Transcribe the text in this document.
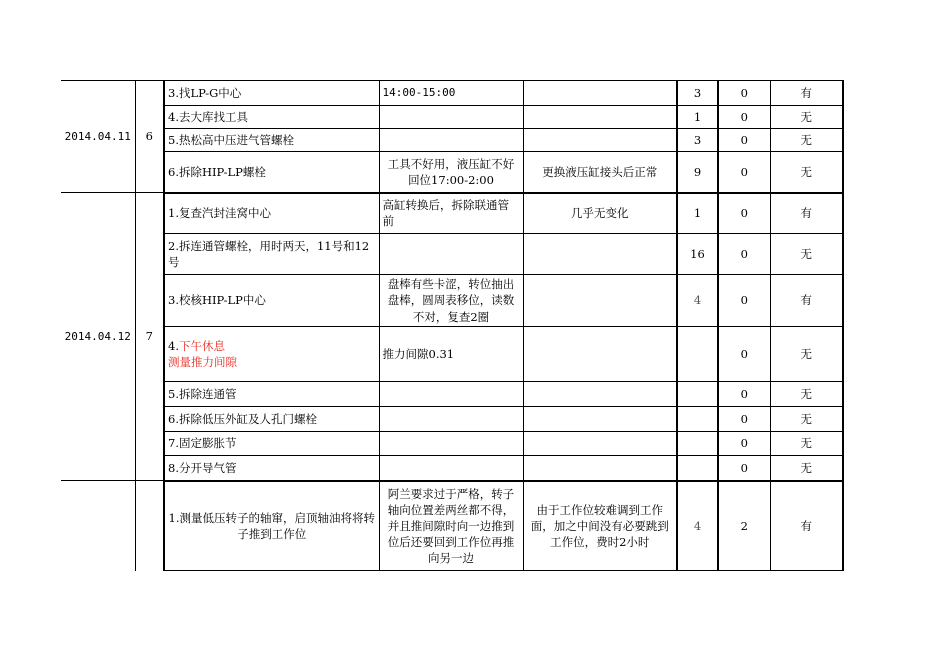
2014.04.11	6	3.找LP-G中心	14:00-15:00		3	0	有
		4.去大库找工具			1	0	无
		5.热松高中压进气管螺栓			3	0	无
		6.拆除HIP-LP螺栓	工具不好用，液压缸不好回位17:00-2:00	更换液压缸接头后正常	9	0	无
2014.04.12	7	1.复查汽封洼窝中心	高缸转换后，拆除联通管前	几乎无变化	1	0	有
		2.拆连通管螺栓，用时两天，11号和12号			16	0	无
		3.校核HIP-LP中心	盘棒有些卡涩，转位抽出盘棒，圆周表移位，读数不对，复查2圈		4	0	有
		4.下午休息
测量推力间隙	推力间隙0.31			0	无
		5.拆除连通管				0	无
		6.拆除低压外缸及人孔门螺栓				0	无
		7.固定膨胀节				0	无
		8.分开导气管				0	无
		1.测量低压转子的轴窜，启顶轴油将将转子推到工作位	阿兰要求过于严格，转子轴向位置差两丝都不得，并且推间隙时向一边推到位后还要回到工作位再推向另一边	由于工作位较难调到工作面，加之中间没有必要跳到工作位，费时2小时	4	2	有
